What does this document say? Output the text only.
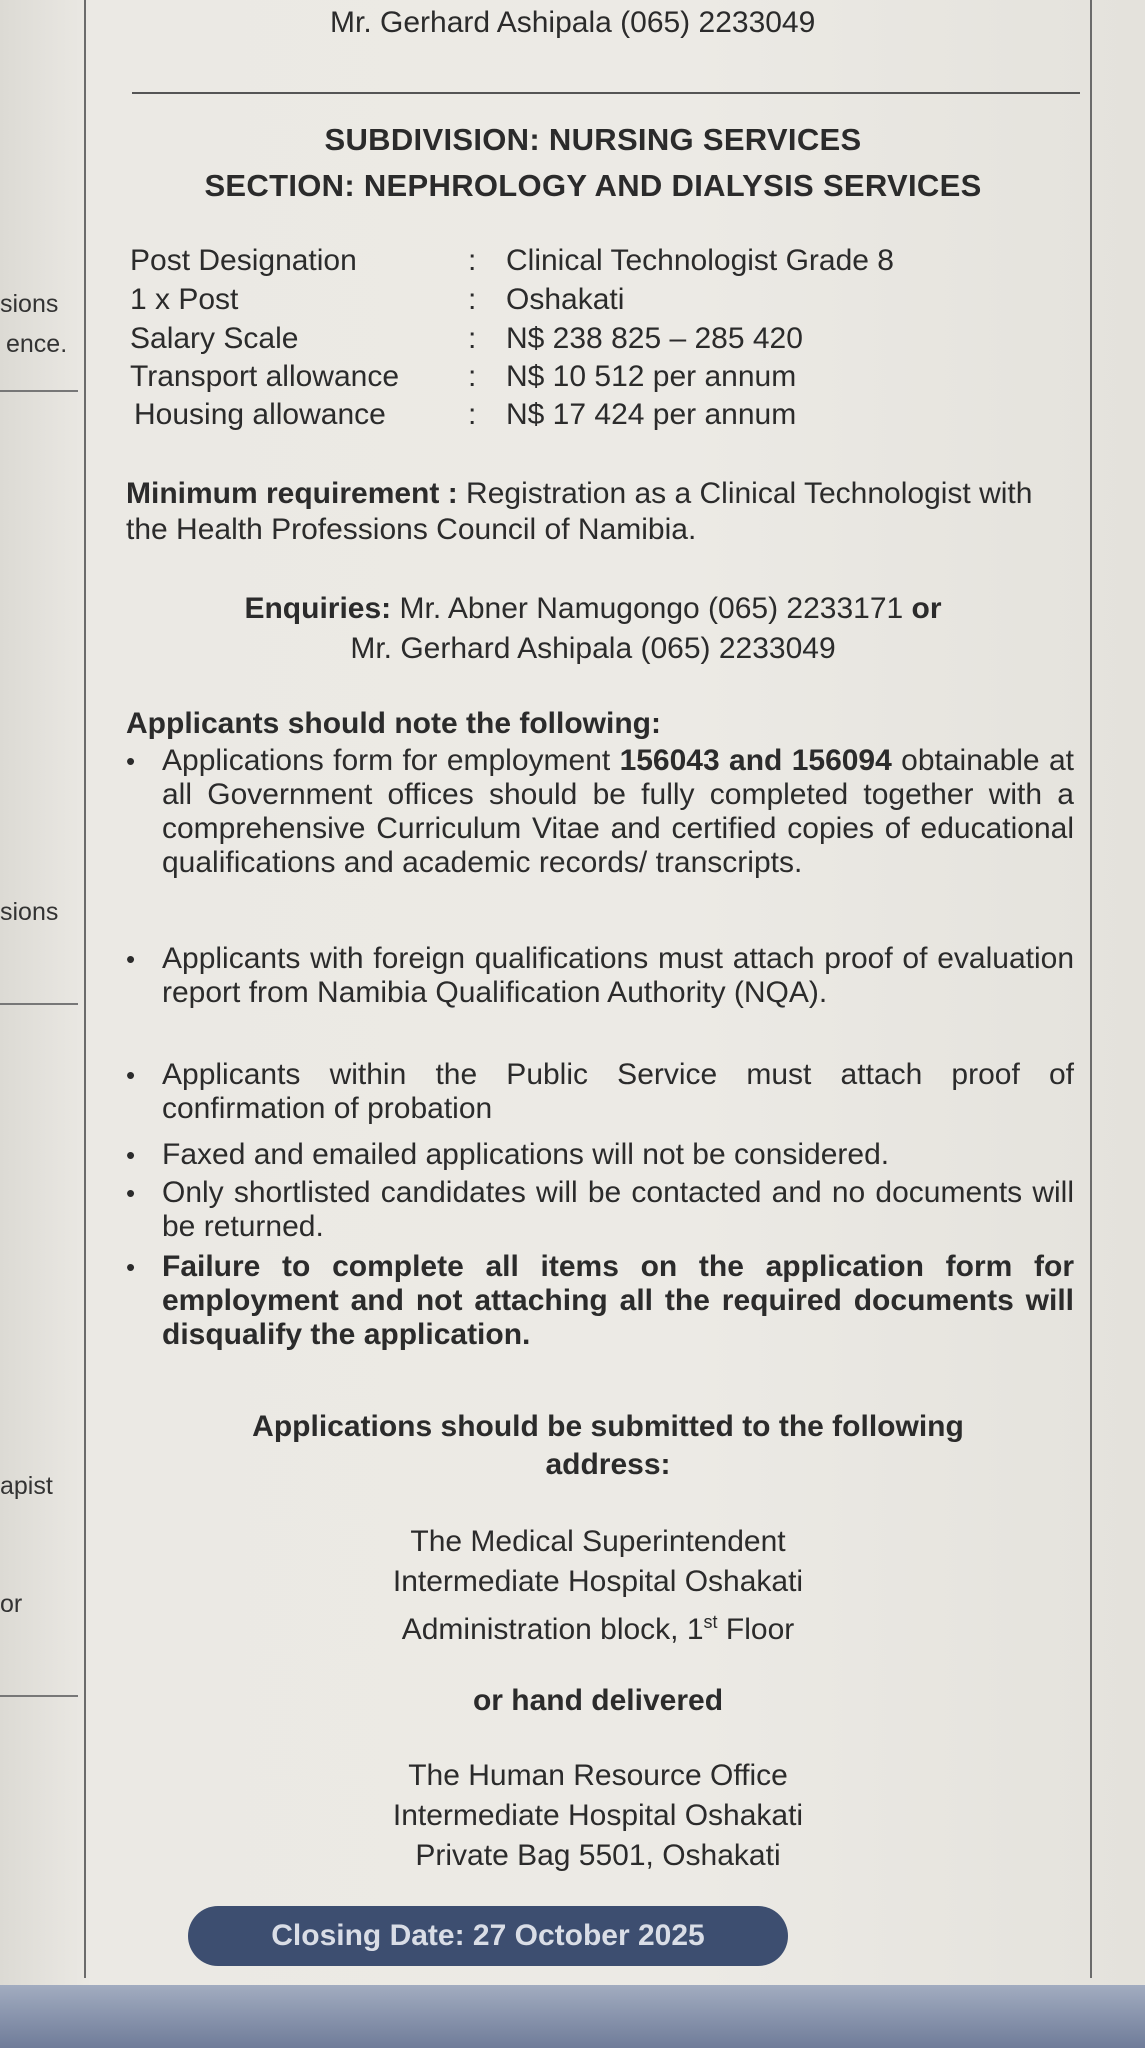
sions
ence.
sions
apist
or
Mr. Gerhard Ashipala (065) 2233049
SUBDIVISION: NURSING SERVICES
SECTION: NEPHROLOGY AND DIALYSIS SERVICES
Post Designation	: Clinical Technologist Grade 8
1 x Post	: Oshakati
Salary Scale	: N$ 238 825 – 285 420
Transport allowance : N$ 10 512 per annum
Housing allowance	: N$ 17 424 per annum
Minimum requirement : Registration as a Clinical Technologist with the Health Professions Council of Namibia.
Enquiries: Mr. Abner Namugongo (065) 2233171 or
Mr. Gerhard Ashipala (065) 2233049
Applicants should note the following:
• Applications form for employment 156043 and 156094 obtainable at all Government offices should be fully completed together with a comprehensive Curriculum Vitae and certified copies of educational qualifications and academic records/ transcripts.
• Applicants with foreign qualifications must attach proof of evaluation report from Namibia Qualification Authority (NQA).
• Applicants within the Public Service must attach proof of confirmation of probation
• Faxed and emailed applications will not be considered.
• Only shortlisted candidates will be contacted and no documents will be returned.
• Failure to complete all items on the application form for employment and not attaching all the required documents will disqualify the application.
Applications should be submitted to the following address:
The Medical Superintendent
Intermediate Hospital Oshakati
Administration block, 1st Floor
or hand delivered
The Human Resource Office
Intermediate Hospital Oshakati
Private Bag 5501, Oshakati
Closing Date: 27 October 2025
